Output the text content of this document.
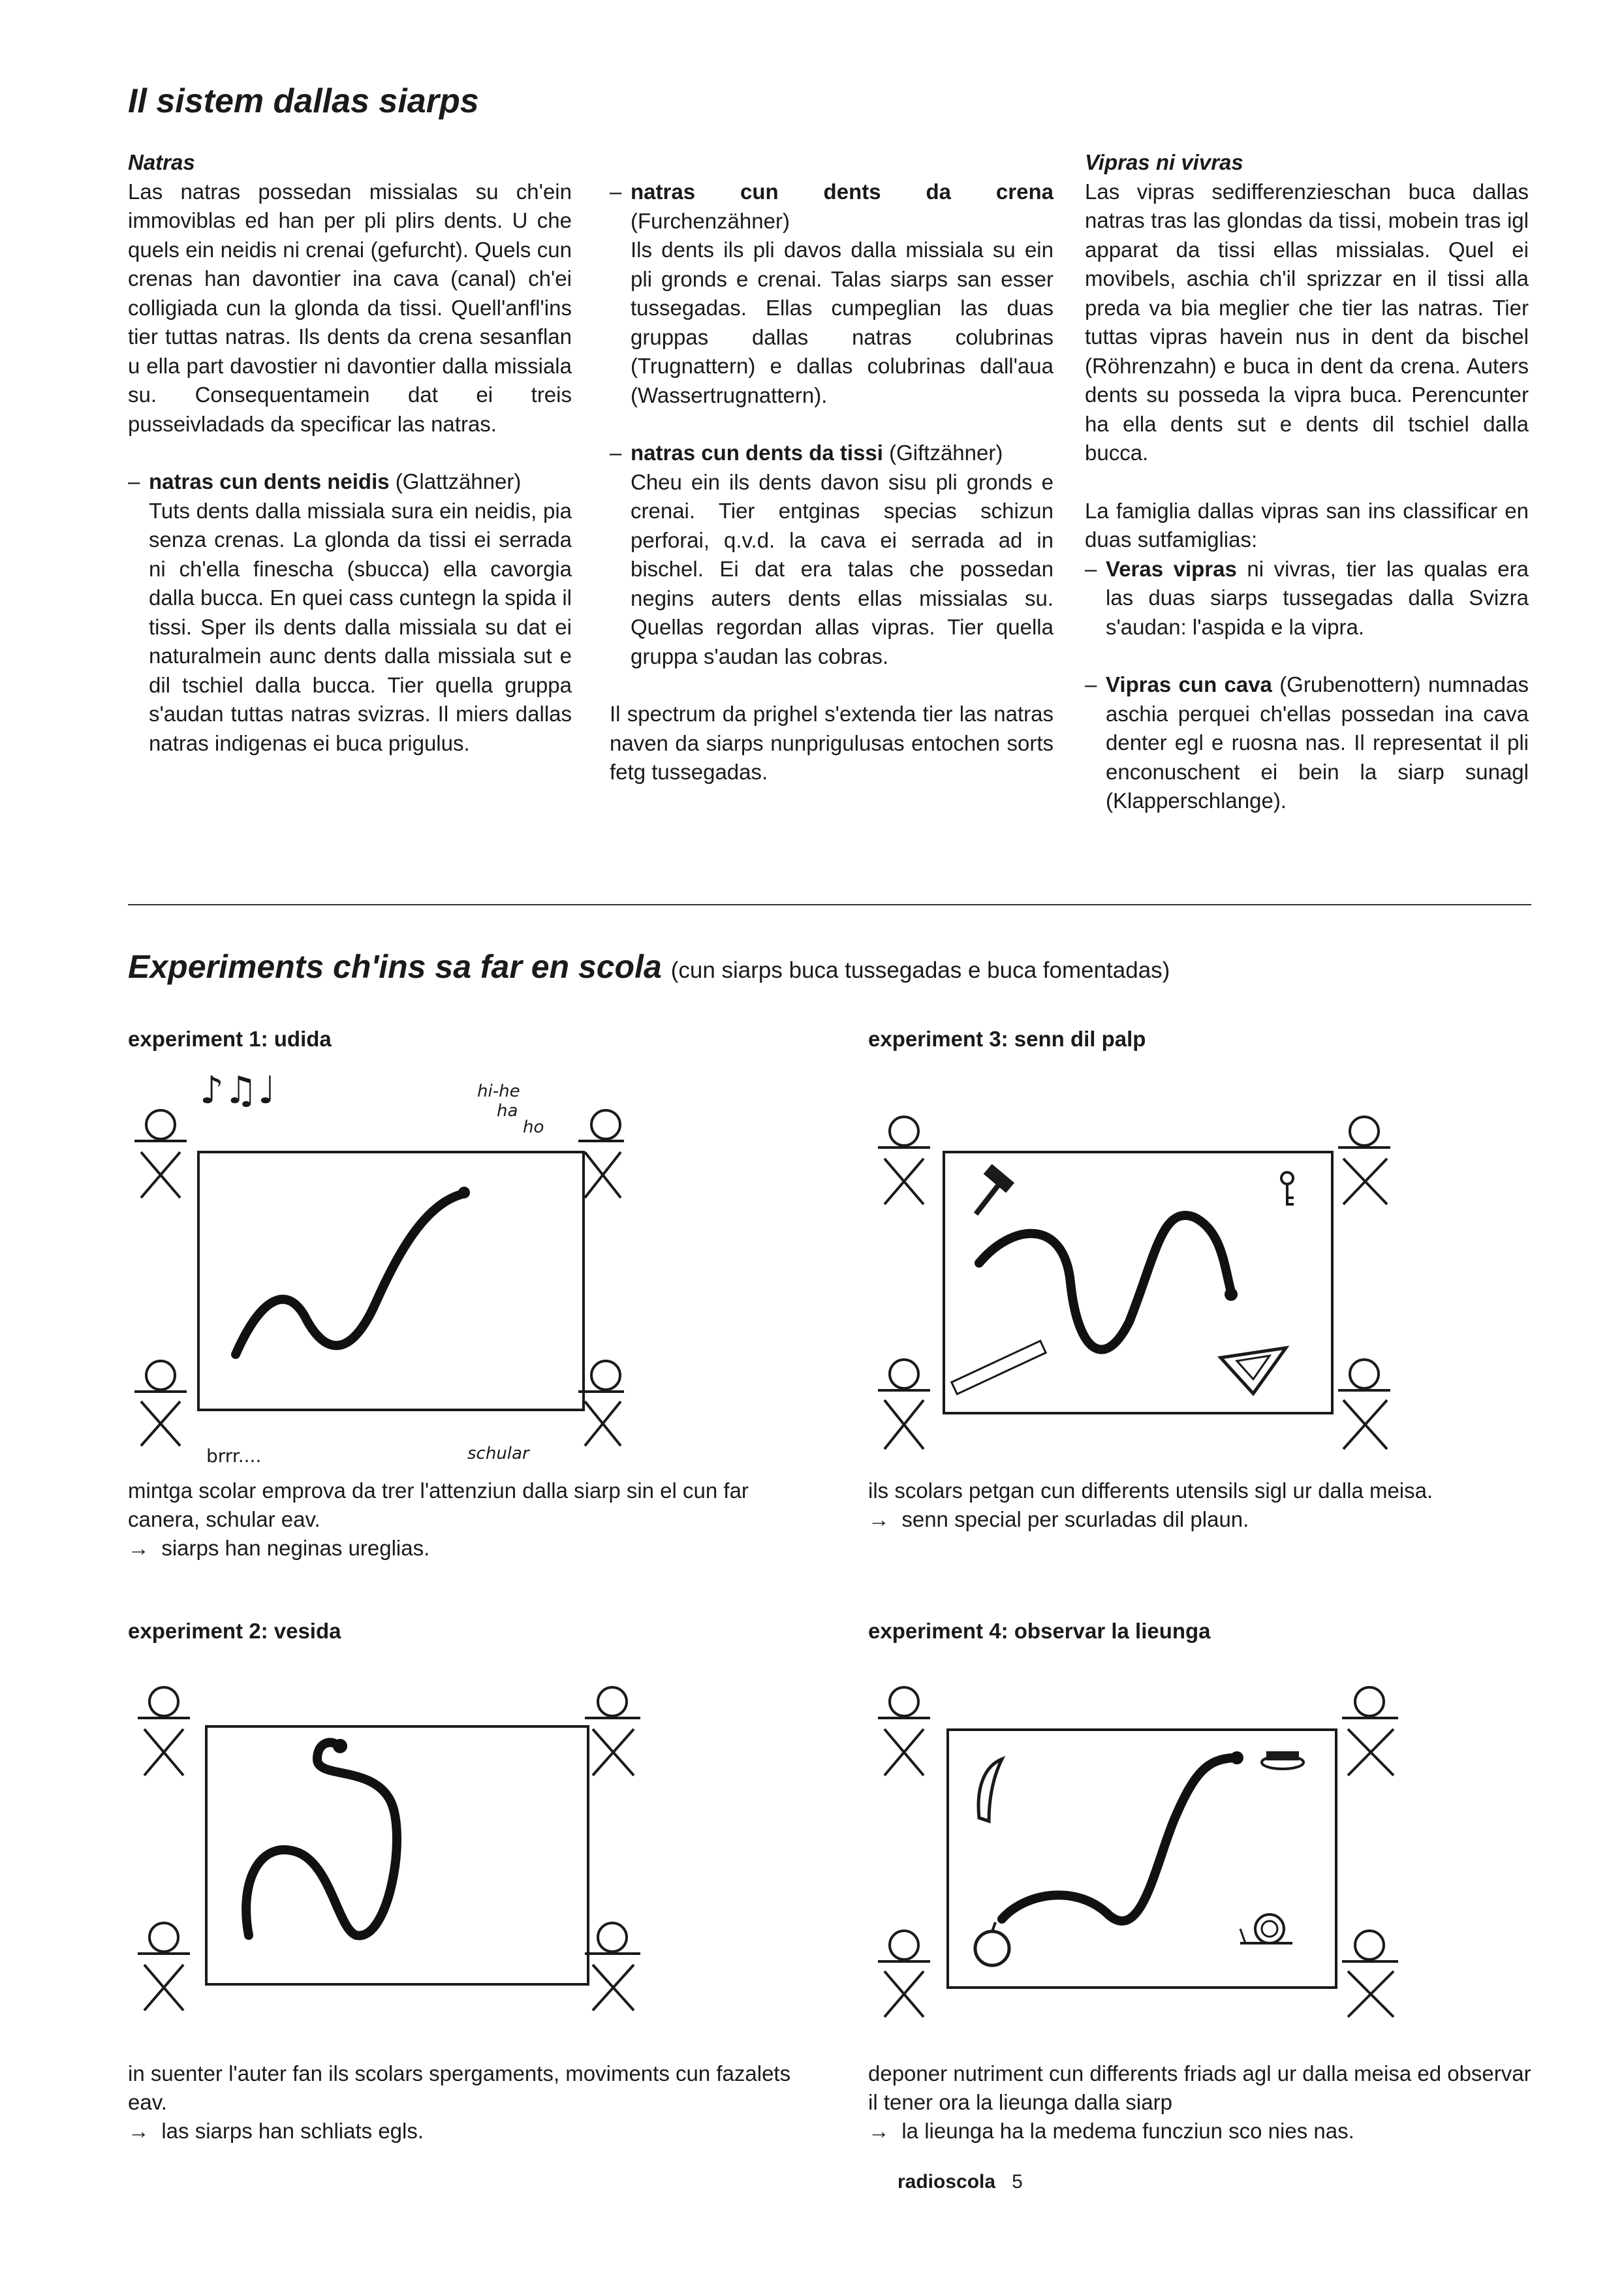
Il sistem dallas siarps

Natras

Las natras possedan missialas su ch'ein immoviblas ed han per pli plirs dents. U che quels ein neidis ni crenai (gefurcht). Quels cun crenas han davontier ina cava (canal) ch'ei colligiada cun la glonda da tissi. Quell'anfl'ins tier tuttas natras. Ils dents da crena sesanflan u ella part davostier ni davontier dalla missiala su. Consequentamein dat ei treis pusseivladads da specificar las natras.

– natras cun dents neidis (Glattzähner)
Tuts dents dalla missiala sura ein neidis, pia senza crenas. La glonda da tissi ei serrada ni ch'ella finescha (sbucca) ella cavorgia dalla bucca. En quei cass cuntegn la spida il tissi. Sper ils dents dalla missiala su dat ei naturalmein aunc dents dalla missiala sut e dil tschiel dalla bucca. Tier quella gruppa s'audan tuttas natras svizras. Il miers dallas natras indigenas ei buca prigulus.
– natras cun dents da crena (Furchenzähner)
Ils dents ils pli davos dalla missiala su ein pli gronds e crenai. Talas siarps san esser tussegadas. Ellas cumpeglian las duas gruppas dallas natras colubrinas (Trugnattern) e dallas colubrinas dall'aua (Wassertrugnattern).
– natras cun dents da tissi (Giftzähner)
Cheu ein ils dents davon sisu pli gronds e crenai. Tier entginas specias schizun perforai, q.v.d. la cava ei serrada ad in bischel. Ei dat era talas che possedan negins auters dents ellas missialas su. Quellas regordan allas vipras. Tier quella gruppa s'audan las cobras.

Il spectrum da prighel s'extenda tier las natras naven da siarps nunprigulusas entochen sorts fetg tussegadas.

Vipras ni vivras

Las vipras sedifferenzieschan buca dallas natras tras las glondas da tissi, mobein tras igl apparat da tissi ellas missialas. Quel ei movibels, aschia ch'il sprizzar en il tissi alla preda va bia meglier che tier las natras. Tier tuttas vipras havein nus in dent da bischel (Röhrenzahn) e buca in dent da crena. Auters dents su posseda la vipra buca. Perencunter ha ella dents sut e dents dil tschiel dalla bucca.

La famiglia dallas vipras san ins classificar en duas sutfamiglias:

– Veras vipras ni vivras, tier las qualas era las duas siarps tussegadas dalla Svizra s'audan: l'aspida e la vipra.
– Vipras cun cava (Grubenottern) numnadas aschia perquei ch'ellas possedan ina cava denter egl e ruosna nas. Il representat il pli enconuschent ei bein la siarp sunagl (Klapperschlange).
Experiments ch'ins sa far en scola (cun siarps buca tussegadas e buca fomentadas)
experiment 1: udida
♪♫♩	hi-he
ha
ho
brrr....	schular

mintga scolar emprova da trer l'attenziun dalla siarp sin el cun far canera, schular eav.

→ siarps han neginas ureglias.

experiment 3: senn dil palp

ils scolars petgan cun differents utensils sigl ur dalla meisa.

→ senn special per scurladas dil plaun.

experiment 2: vesida

in suenter l'auter fan ils scolars spergaments, moviments cun fazalets eav.

→ las siarps han schliats egls.

experiment 4: observar la lieunga

deponer nutriment cun differents friads agl ur dalla meisa ed observar il tener ora la lieunga dalla siarp

→ la lieunga ha la medema funcziun sco nies nas.

radioscola 5
